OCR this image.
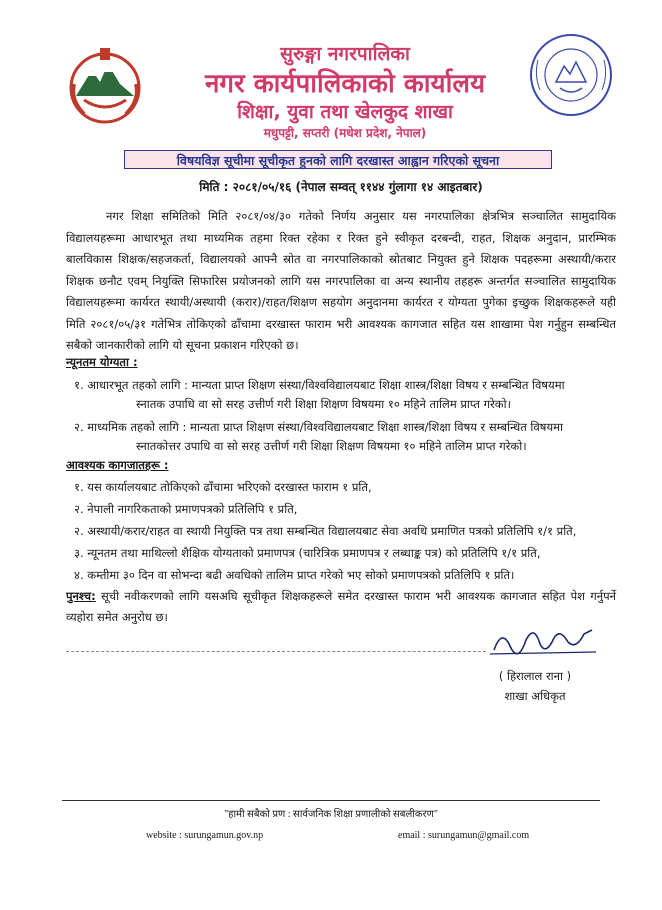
सुरुङ्गा नगरपालिका
नगर कार्यपालिकाको कार्यालय
शिक्षा, युवा तथा खेलकुद शाखा
मधुपट्टी, सप्तरी (मधेश प्रदेश, नेपाल)
विषयविज्ञ सूचीमा सूचीकृत हुनको लागि दरखास्त आह्वान गरिएको सूचना
मिति : २०८१/०५/१६ (नेपाल सम्वत् ११४४ गुंलागा १४ आइतबार)
नगर शिक्षा समितिको मिति २०८१/०४/३० गतेको निर्णय अनुसार यस नगरपालिका क्षेत्रभित्र सञ्चालित सामुदायिक विद्यालयहरूमा आधारभूत तथा माध्यमिक तहमा रिक्त रहेका र रिक्त हुने स्वीकृत दरबन्दी, राहत, शिक्षक अनुदान, प्रारम्भिक बालविकास शिक्षक/सहजकर्ता, विद्यालयको आफ्नै स्रोत वा नगरपालिकाको स्रोतबाट नियुक्त हुने शिक्षक पदहरूमा अस्थायी/करार शिक्षक छनौट एवम् नियुक्ति सिफारिस प्रयोजनको लागि यस नगरपालिका वा अन्य स्थानीय तहहरू अन्तर्गत सञ्चालित सामुदायिक विद्यालयहरूमा कार्यरत स्थायी/अस्थायी (करार)/राहत/शिक्षण सहयोग अनुदानमा कार्यरत र योग्यता पुगेका इच्छुक शिक्षकहरूले यही मिति २०८१/०५/३१ गतेभित्र तोकिएको ढाँचामा दरखास्त फाराम भरी आवश्यक कागजात सहित यस शाखामा पेश गर्नुहुन सम्बन्धित सबैको जानकारीको लागि यो सूचना प्रकाशन गरिएको छ।
न्यूनतम योग्यता :
१. आधारभूत तहको लागि : मान्यता प्राप्त शिक्षण संस्था/विश्वविद्यालयबाट शिक्षा शास्त्र/शिक्षा विषय र सम्बन्धित विषयमा
स्नातक उपाधि वा सो सरह उत्तीर्ण गरी शिक्षा शिक्षण विषयमा १० महिने तालिम प्राप्त गरेको।
२. माध्यमिक तहको लागि : मान्यता प्राप्त शिक्षण संस्था/विश्वविद्यालयबाट शिक्षा शास्त्र/शिक्षा विषय र सम्बन्धित विषयमा
स्नातकोत्तर उपाधि वा सो सरह उत्तीर्ण गरी शिक्षा शिक्षण विषयमा १० महिने तालिम प्राप्त गरेको।
आवश्यक कागजातहरू :
१. यस कार्यालयबाट तोकिएको ढाँचामा भरिएको दरखास्त फाराम १ प्रति,
२. नेपाली नागरिकताको प्रमाणपत्रको प्रतिलिपि १ प्रति,
२. अस्थायी/करार/राहत वा स्थायी नियुक्ति पत्र तथा सम्बन्धित विद्यालयबाट सेवा अवधि प्रमाणित पत्रको प्रतिलिपि १/१ प्रति,
३. न्यूनतम तथा माथिल्लो शैक्षिक योग्यताको प्रमाणपत्र (चारित्रिक प्रमाणपत्र र लब्धाङ्क पत्र) को प्रतिलिपि १/१ प्रति,
४. कम्तीमा ३० दिन वा सोभन्दा बढी अवधिको तालिम प्राप्त गरेको भए सोको प्रमाणपत्रको प्रतिलिपि १ प्रति।
पुनश्च: सूची नवीकरणको लागि यसअघि सूचीकृत शिक्षकहरूले समेत दरखास्त फाराम भरी आवश्यक कागजात सहित पेश गर्नुपर्ने व्यहोरा समेत अनुरोध छ।
( हिरालाल राना )
शाखा अधिकृत
"हामी सबैको प्रण : सार्वजनिक शिक्षा प्रणालीको सबलीकरण"
website : surungamun.gov.np	email : surungamun@gmail.com
